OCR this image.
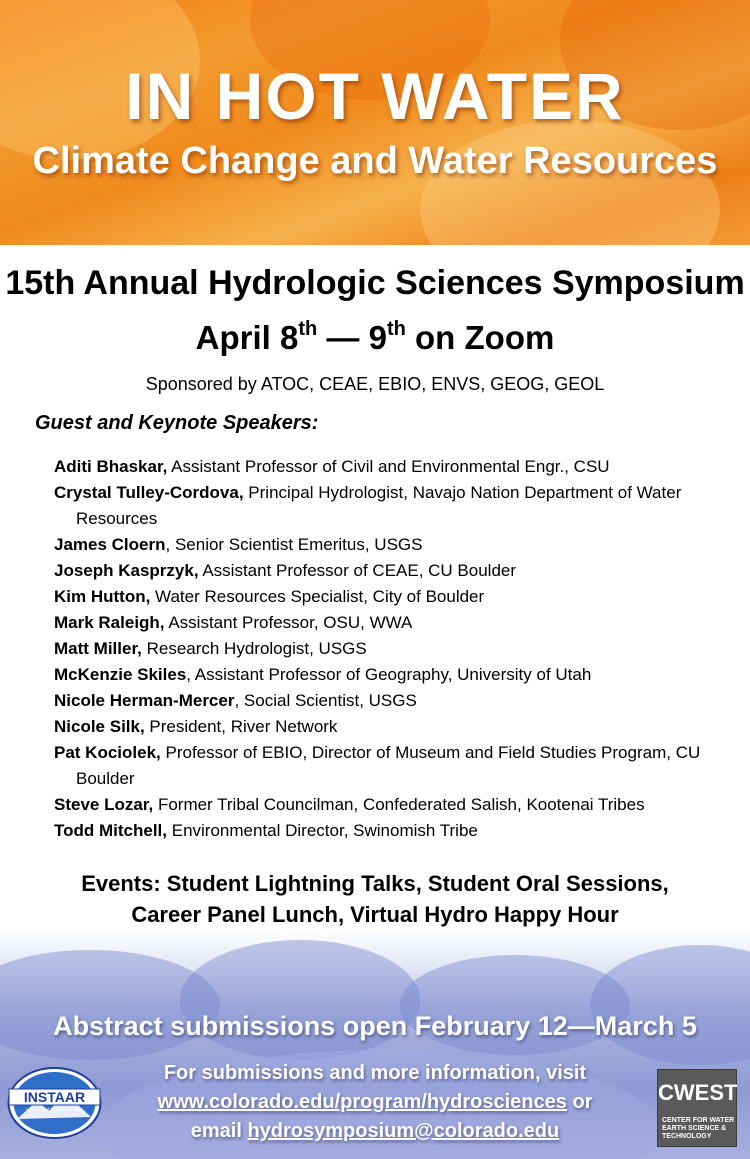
IN HOT WATER
Climate Change and Water Resources
15th Annual Hydrologic Sciences Symposium
April 8th — 9th on Zoom
Sponsored by ATOC, CEAE, EBIO, ENVS, GEOG, GEOL
Guest and Keynote Speakers:
Aditi Bhaskar, Assistant Professor of Civil and Environmental Engr., CSU
Crystal Tulley-Cordova, Principal Hydrologist, Navajo Nation Department of Water Resources
James Cloern, Senior Scientist Emeritus, USGS
Joseph Kasprzyk, Assistant Professor of CEAE, CU Boulder
Kim Hutton, Water Resources Specialist, City of Boulder
Mark Raleigh, Assistant Professor, OSU, WWA
Matt Miller, Research Hydrologist, USGS
McKenzie Skiles, Assistant Professor of Geography, University of Utah
Nicole Herman-Mercer, Social Scientist, USGS
Nicole Silk, President, River Network
Pat Kociolek, Professor of EBIO, Director of Museum and Field Studies Program, CU Boulder
Steve Lozar, Former Tribal Councilman, Confederated Salish, Kootenai Tribes
Todd Mitchell, Environmental Director, Swinomish Tribe
Events: Student Lightning Talks, Student Oral Sessions,
Career Panel Lunch, Virtual Hydro Happy Hour
Abstract submissions open February 12—March 5
For submissions and more information, visit
www.colorado.edu/program/hydrosciences or
email hydrosymposium@colorado.edu
INSTAAR
University of Colorado Boulder
CWEST
CENTER FOR WATER
EARTH SCIENCE &
TECHNOLOGY
